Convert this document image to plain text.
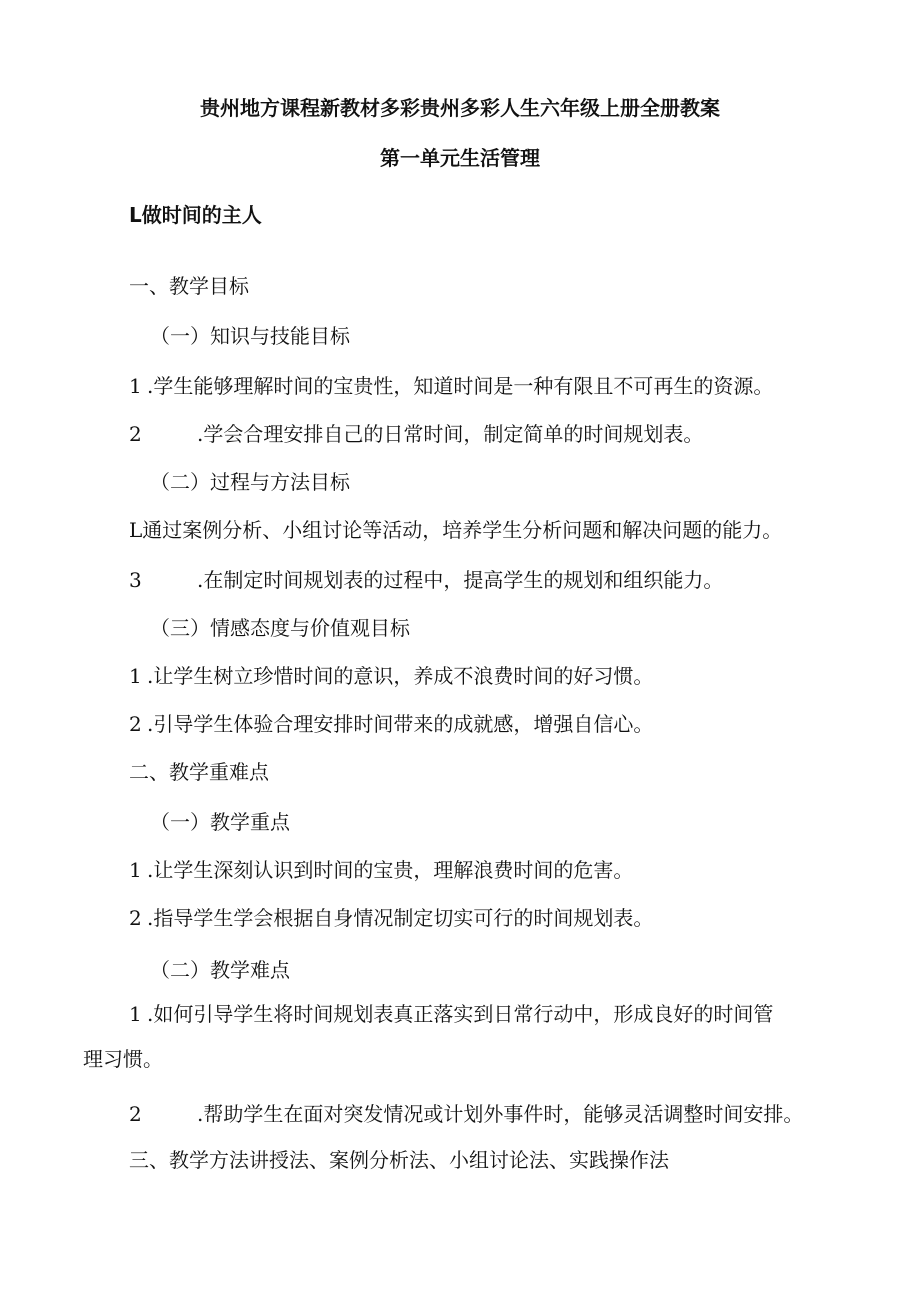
贵州地方课程新教材多彩贵州多彩人生六年级上册全册教案
第一单元生活管理
L做时间的主人
一、教学目标
（一）知识与技能目标
1 .学生能够理解时间的宝贵性，知道时间是一种有限且不可再生的资源。
2	.学会合理安排自己的日常时间，制定简单的时间规划表。
（二）过程与方法目标
L通过案例分析、小组讨论等活动，培养学生分析问题和解决问题的能力。
3	.在制定时间规划表的过程中，提高学生的规划和组织能力。
（三）情感态度与价值观目标
1 .让学生树立珍惜时间的意识，养成不浪费时间的好习惯。
2 .引导学生体验合理安排时间带来的成就感，增强自信心。
二、教学重难点
（一）教学重点
1 .让学生深刻认识到时间的宝贵，理解浪费时间的危害。
2 .指导学生学会根据自身情况制定切实可行的时间规划表。
（二）教学难点
1 .如何引导学生将时间规划表真正落实到日常行动中，形成良好的时间管
理习惯。
2	.帮助学生在面对突发情况或计划外事件时，能够灵活调整时间安排。
三、教学方法讲授法、案例分析法、小组讨论法、实践操作法
